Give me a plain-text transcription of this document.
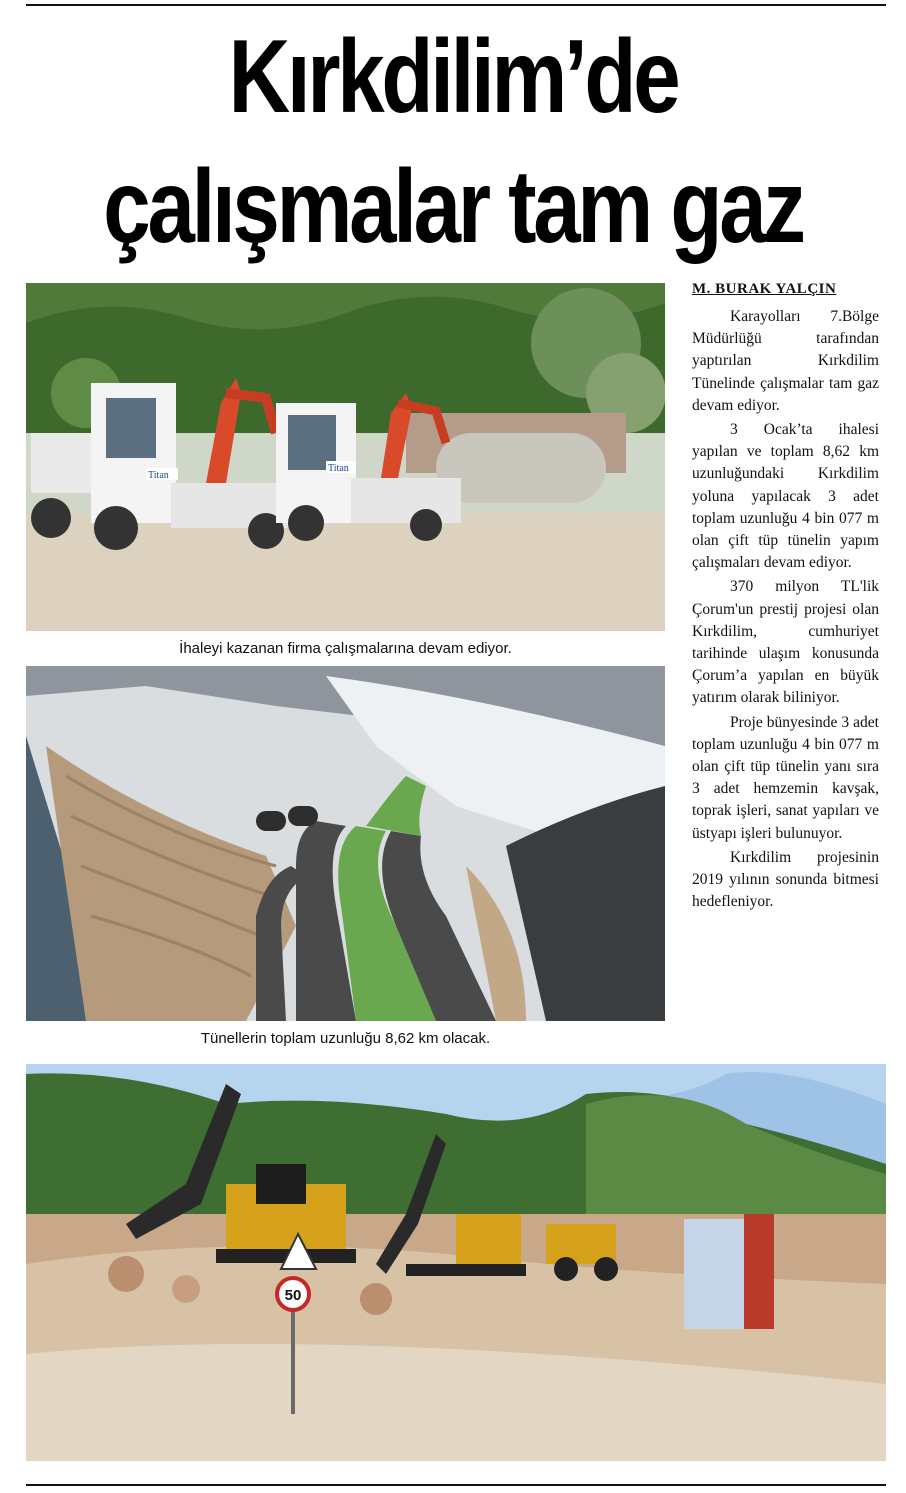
Kırkdilim’de
çalışmalar tam gaz
Titan
Titan
İhaleyi kazanan firma çalışmalarına devam ediyor.
Tünellerin toplam uzunluğu 8,62 km olacak.
M. BURAK YALÇIN

Karayolları 7.Bölge Müdürlüğü tarafından yaptırılan Kırkdilim Tünelinde çalışmalar tam gaz devam ediyor.

3 Ocak’ta ihalesi yapılan ve toplam 8,62 km uzunluğundaki Kırkdilim yoluna yapılacak 3 adet toplam uzunluğu 4 bin 077 m olan çift tüp tünelin yapım çalışmaları devam ediyor.

370 milyon TL'lik Çorum'un prestij projesi olan Kırkdilim, cumhuriyet tarihinde ulaşım konusunda Çorum’a yapılan en büyük yatırım olarak biliniyor.

Proje bünyesinde 3 adet toplam uzunluğu 4 bin 077 m olan çift tüp tünelin yanı sıra 3 adet hemzemin kavşak, toprak işleri, sanat yapıları ve üstyapı işleri bulunuyor.

Kırkdilim projesinin 2019 yılının sonunda bitmesi hedefleniyor.

50
